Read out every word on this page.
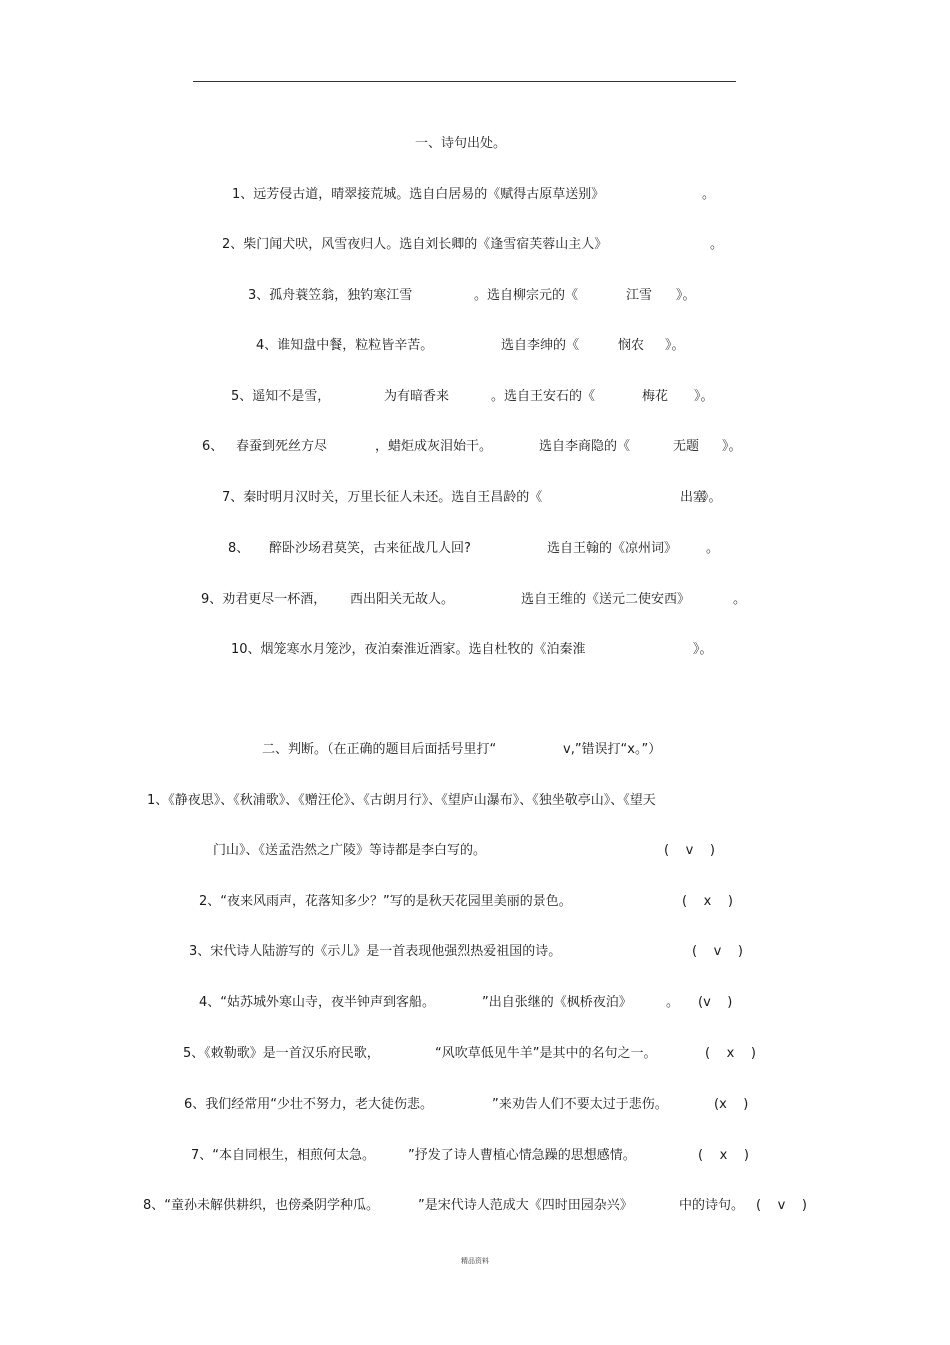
一、诗句出处。
1、远芳侵古道，晴翠接荒城。选自白居易的《赋得古原草送别》	。
2、柴门闻犬吠，风雪夜归人。选自刘长卿的《逢雪宿芙蓉山主人》	。
3、孤舟蓑笠翁，独钓寒江雪	。选自柳宗元的《	江雪 》。
4、谁知盘中餐，粒粒皆辛苦。	选自李绅的《	悯农 》。
5、遥知不是雪，	为有暗香来	。选自王安石的《	梅花 》。
6、 春蚕到死丝方尽	，蜡炬成灰泪始干。	选自李商隐的《	无题 》。
7、秦时明月汉时关，万里长征人未还。选自王昌龄的《	出塞
》。
8、 醉卧沙场君莫笑，古来征战几人回?	选自王翰的《凉州词》 。
9、劝君更尽一杯酒， 西出阳关无故人。	选自王维的《送元二使安西》	。
10、烟笼寒水月笼沙，夜泊秦淮近酒家。选自杜牧的《泊秦淮	》。
二、判断。（在正确的题目后面括号里打“	v,”错误打“x。”）
1、《静夜思》、《秋浦歌》、《赠汪伦》、《古朗月行》、《望庐山瀑布》、《独坐敬亭山》、《望天
门山》、《送孟浩然之广陵》等诗都是李白写的。	(    v    )
2、“夜来风雨声，花落知多少？”写的是秋天花园里美丽的景色。	(    x    )
3、宋代诗人陆游写的《示儿》是一首表现他强烈热爱祖国的诗。	(    v    )
4、“姑苏城外寒山寺，夜半钟声到客船。	”出自张继的《枫桥夜泊》	。 (v    )
5、《敕勒歌》是一首汉乐府民歌，	“风吹草低见牛羊”是其中的名句之一。	(    x    )
6、我们经常用“少壮不努力，老大徒伤悲。	”来劝告人们不要太过于悲伤。	(x    )
7、“本自同根生，相煎何太急。	”抒发了诗人曹植心情急躁的思想感情。	(    x    )
8、“童孙未解供耕织，也傍桑阴学种瓜。	”是宋代诗人范成大《四时田园杂兴》	中的诗句。 (    v    )
精品资料
